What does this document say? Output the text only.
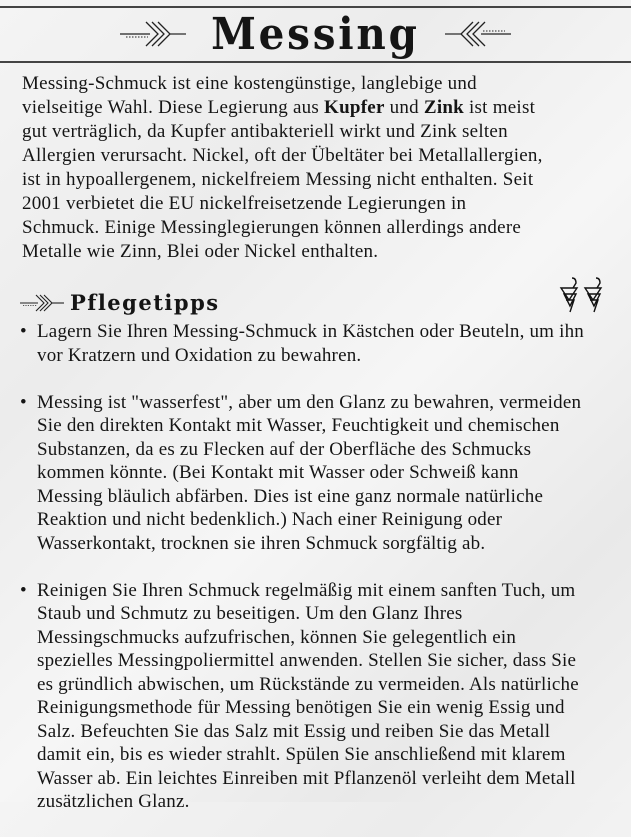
Messing
Messing-Schmuck ist eine kostengünstige, langlebige und
vielseitige Wahl. Diese Legierung aus Kupfer und Zink ist meist
gut verträglich, da Kupfer antibakteriell wirkt und Zink selten
Allergien verursacht. Nickel, oft der Übeltäter bei Metallallergien,
ist in hypoallergenem, nickelfreiem Messing nicht enthalten. Seit
2001 verbietet die EU nickelfreisetzende Legierungen in
Schmuck. Einige Messinglegierungen können allerdings andere
Metalle wie Zinn, Blei oder Nickel enthalten.
Pflegetipps
• Lagern Sie Ihren Messing-Schmuck in Kästchen oder Beuteln, um ihn
vor Kratzern und Oxidation zu bewahren.
• Messing ist "wasserfest", aber um den Glanz zu bewahren, vermeiden
Sie den direkten Kontakt mit Wasser, Feuchtigkeit und chemischen
Substanzen, da es zu Flecken auf der Oberfläche des Schmucks
kommen könnte. (Bei Kontakt mit Wasser oder Schweiß kann
Messing bläulich abfärben. Dies ist eine ganz normale natürliche
Reaktion und nicht bedenklich.) Nach einer Reinigung oder
Wasserkontakt, trocknen sie ihren Schmuck sorgfältig ab.
• Reinigen Sie Ihren Schmuck regelmäßig mit einem sanften Tuch, um
Staub und Schmutz zu beseitigen. Um den Glanz Ihres
Messingschmucks aufzufrischen, können Sie gelegentlich ein
spezielles Messingpoliermittel anwenden. Stellen Sie sicher, dass Sie
es gründlich abwischen, um Rückstände zu vermeiden. Als natürliche
Reinigungsmethode für Messing benötigen Sie ein wenig Essig und
Salz. Befeuchten Sie das Salz mit Essig und reiben Sie das Metall
damit ein, bis es wieder strahlt. Spülen Sie anschließend mit klarem
Wasser ab. Ein leichtes Einreiben mit Pflanzenöl verleiht dem Metall
zusätzlichen Glanz.
